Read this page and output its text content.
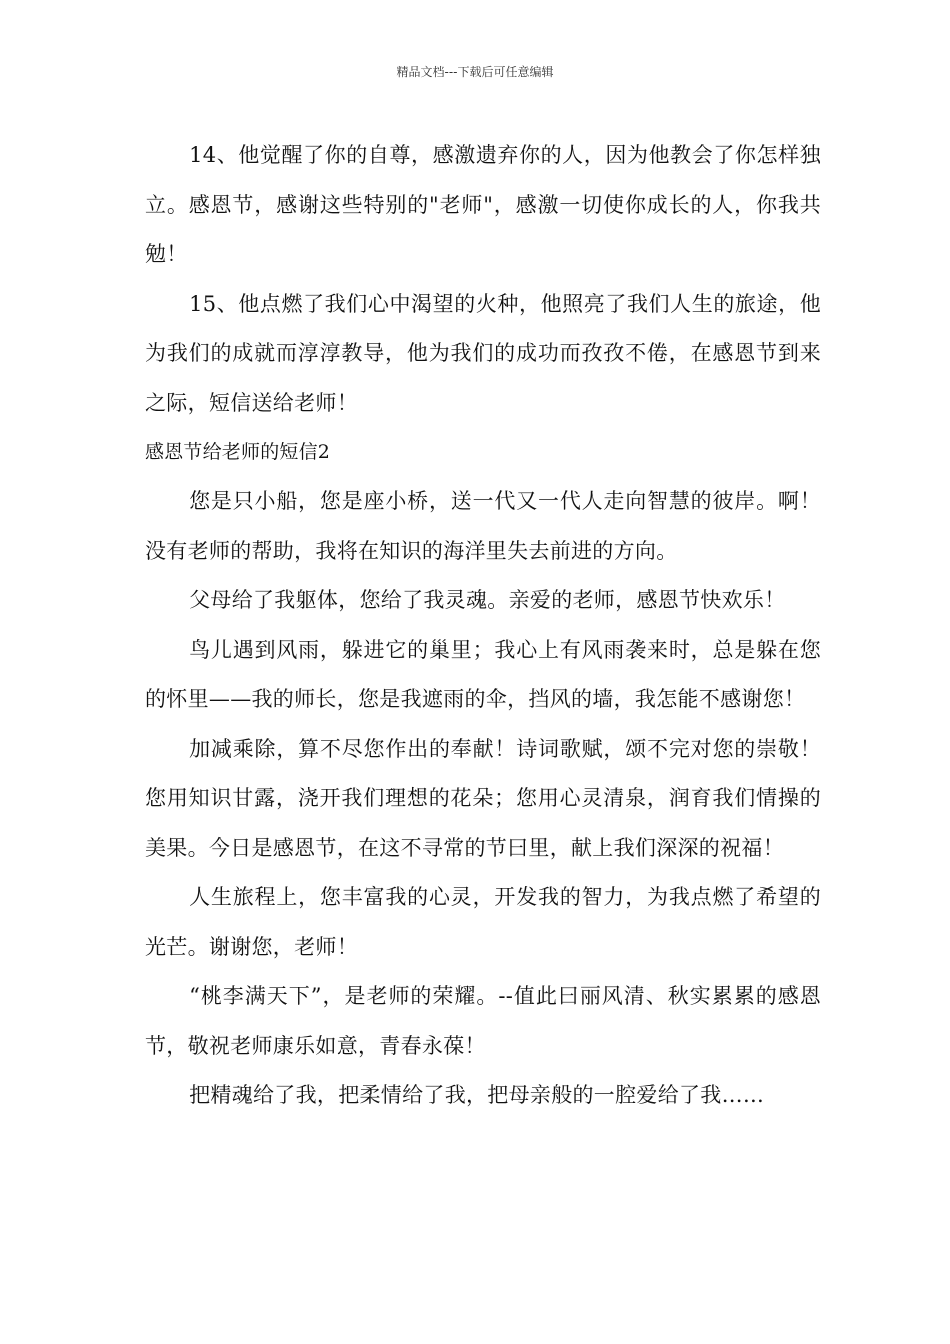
精品文档---下载后可任意编辑

14、他觉醒了你的自尊，感激遗弃你的人，因为他教会了你怎样独立。感恩节，感谢这些特别的"老师"，感激一切使你成长的人，你我共勉！

15、他点燃了我们心中渴望的火种，他照亮了我们人生的旅途，他为我们的成就而淳淳教导，他为我们的成功而孜孜不倦，在感恩节到来之际，短信送给老师！

感恩节给老师的短信2

您是只小船，您是座小桥，送一代又一代人走向智慧的彼岸。啊！没有老师的帮助，我将在知识的海洋里失去前进的方向。

父母给了我躯体，您给了我灵魂。亲爱的老师，感恩节快欢乐！

鸟儿遇到风雨，躲进它的巢里；我心上有风雨袭来时，总是躲在您的怀里——我的师长，您是我遮雨的伞，挡风的墙，我怎能不感谢您！

加减乘除，算不尽您作出的奉献！诗词歌赋，颂不完对您的崇敬！您用知识甘露，浇开我们理想的花朵；您用心灵清泉，润育我们情操的美果。今日是感恩节，在这不寻常的节曰里，献上我们深深的祝福！

人生旅程上，您丰富我的心灵，开发我的智力，为我点燃了希望的光芒。谢谢您，老师！

“桃李满天下”，是老师的荣耀。--值此曰丽风清、秋实累累的感恩节，敬祝老师康乐如意，青春永葆！

把精魂给了我，把柔情给了我，把母亲般的一腔爱给了我……
